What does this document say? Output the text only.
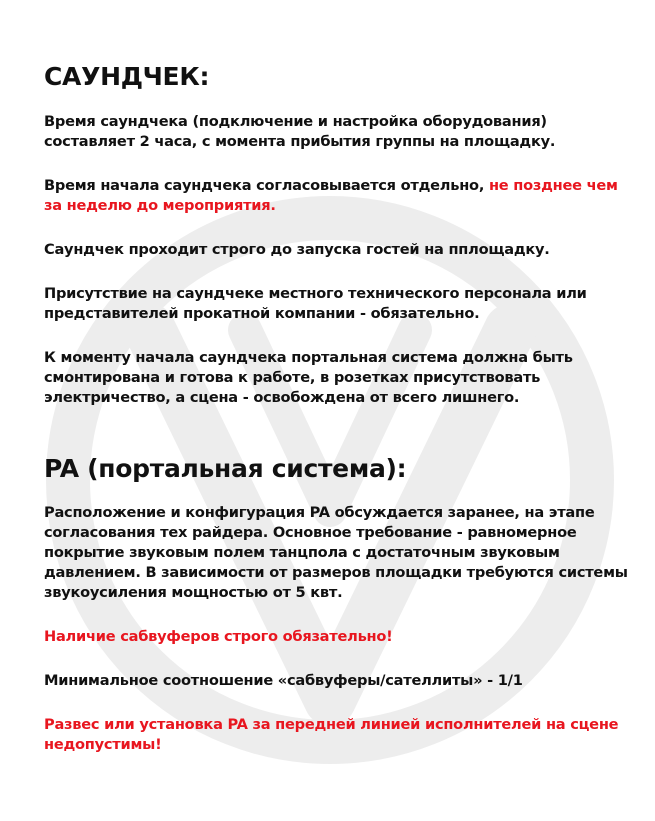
САУНДЧЕК:

Время саундчека (подключение и настройка оборудования) составляет 2 часа, с момента прибытия группы на площадку.

Время начала саундчека согласовывается отдельно, не позднее чем за неделю до мероприятия.

Саундчек проходит строго до запуска гостей на пплощадку.

Присутствие на саундчеке местного технического персонала или представителей прокатной компании - обязательно.

К моменту начала саундчека портальная система должна быть смонтирована и готова к работе, в розетках присутствовать электричество, а сцена - освобождена от всего лишнего.

PA (портальная система):

Расположение и конфигурация PA обсуждается заранее, на этапе согласования тех райдера. Основное требование - равномерное покрытие звуковым полем танцпола с достаточным звуковым давлением. В зависимости от размеров площадки требуются системы звукоусиления мощностью от 5 квт.

Наличие сабвуферов строго обязательно!

Минимальное соотношение «сабвуферы/сателлиты» - 1/1

Развес или установка PA за передней линией исполнителей на сцене недопустимы!
